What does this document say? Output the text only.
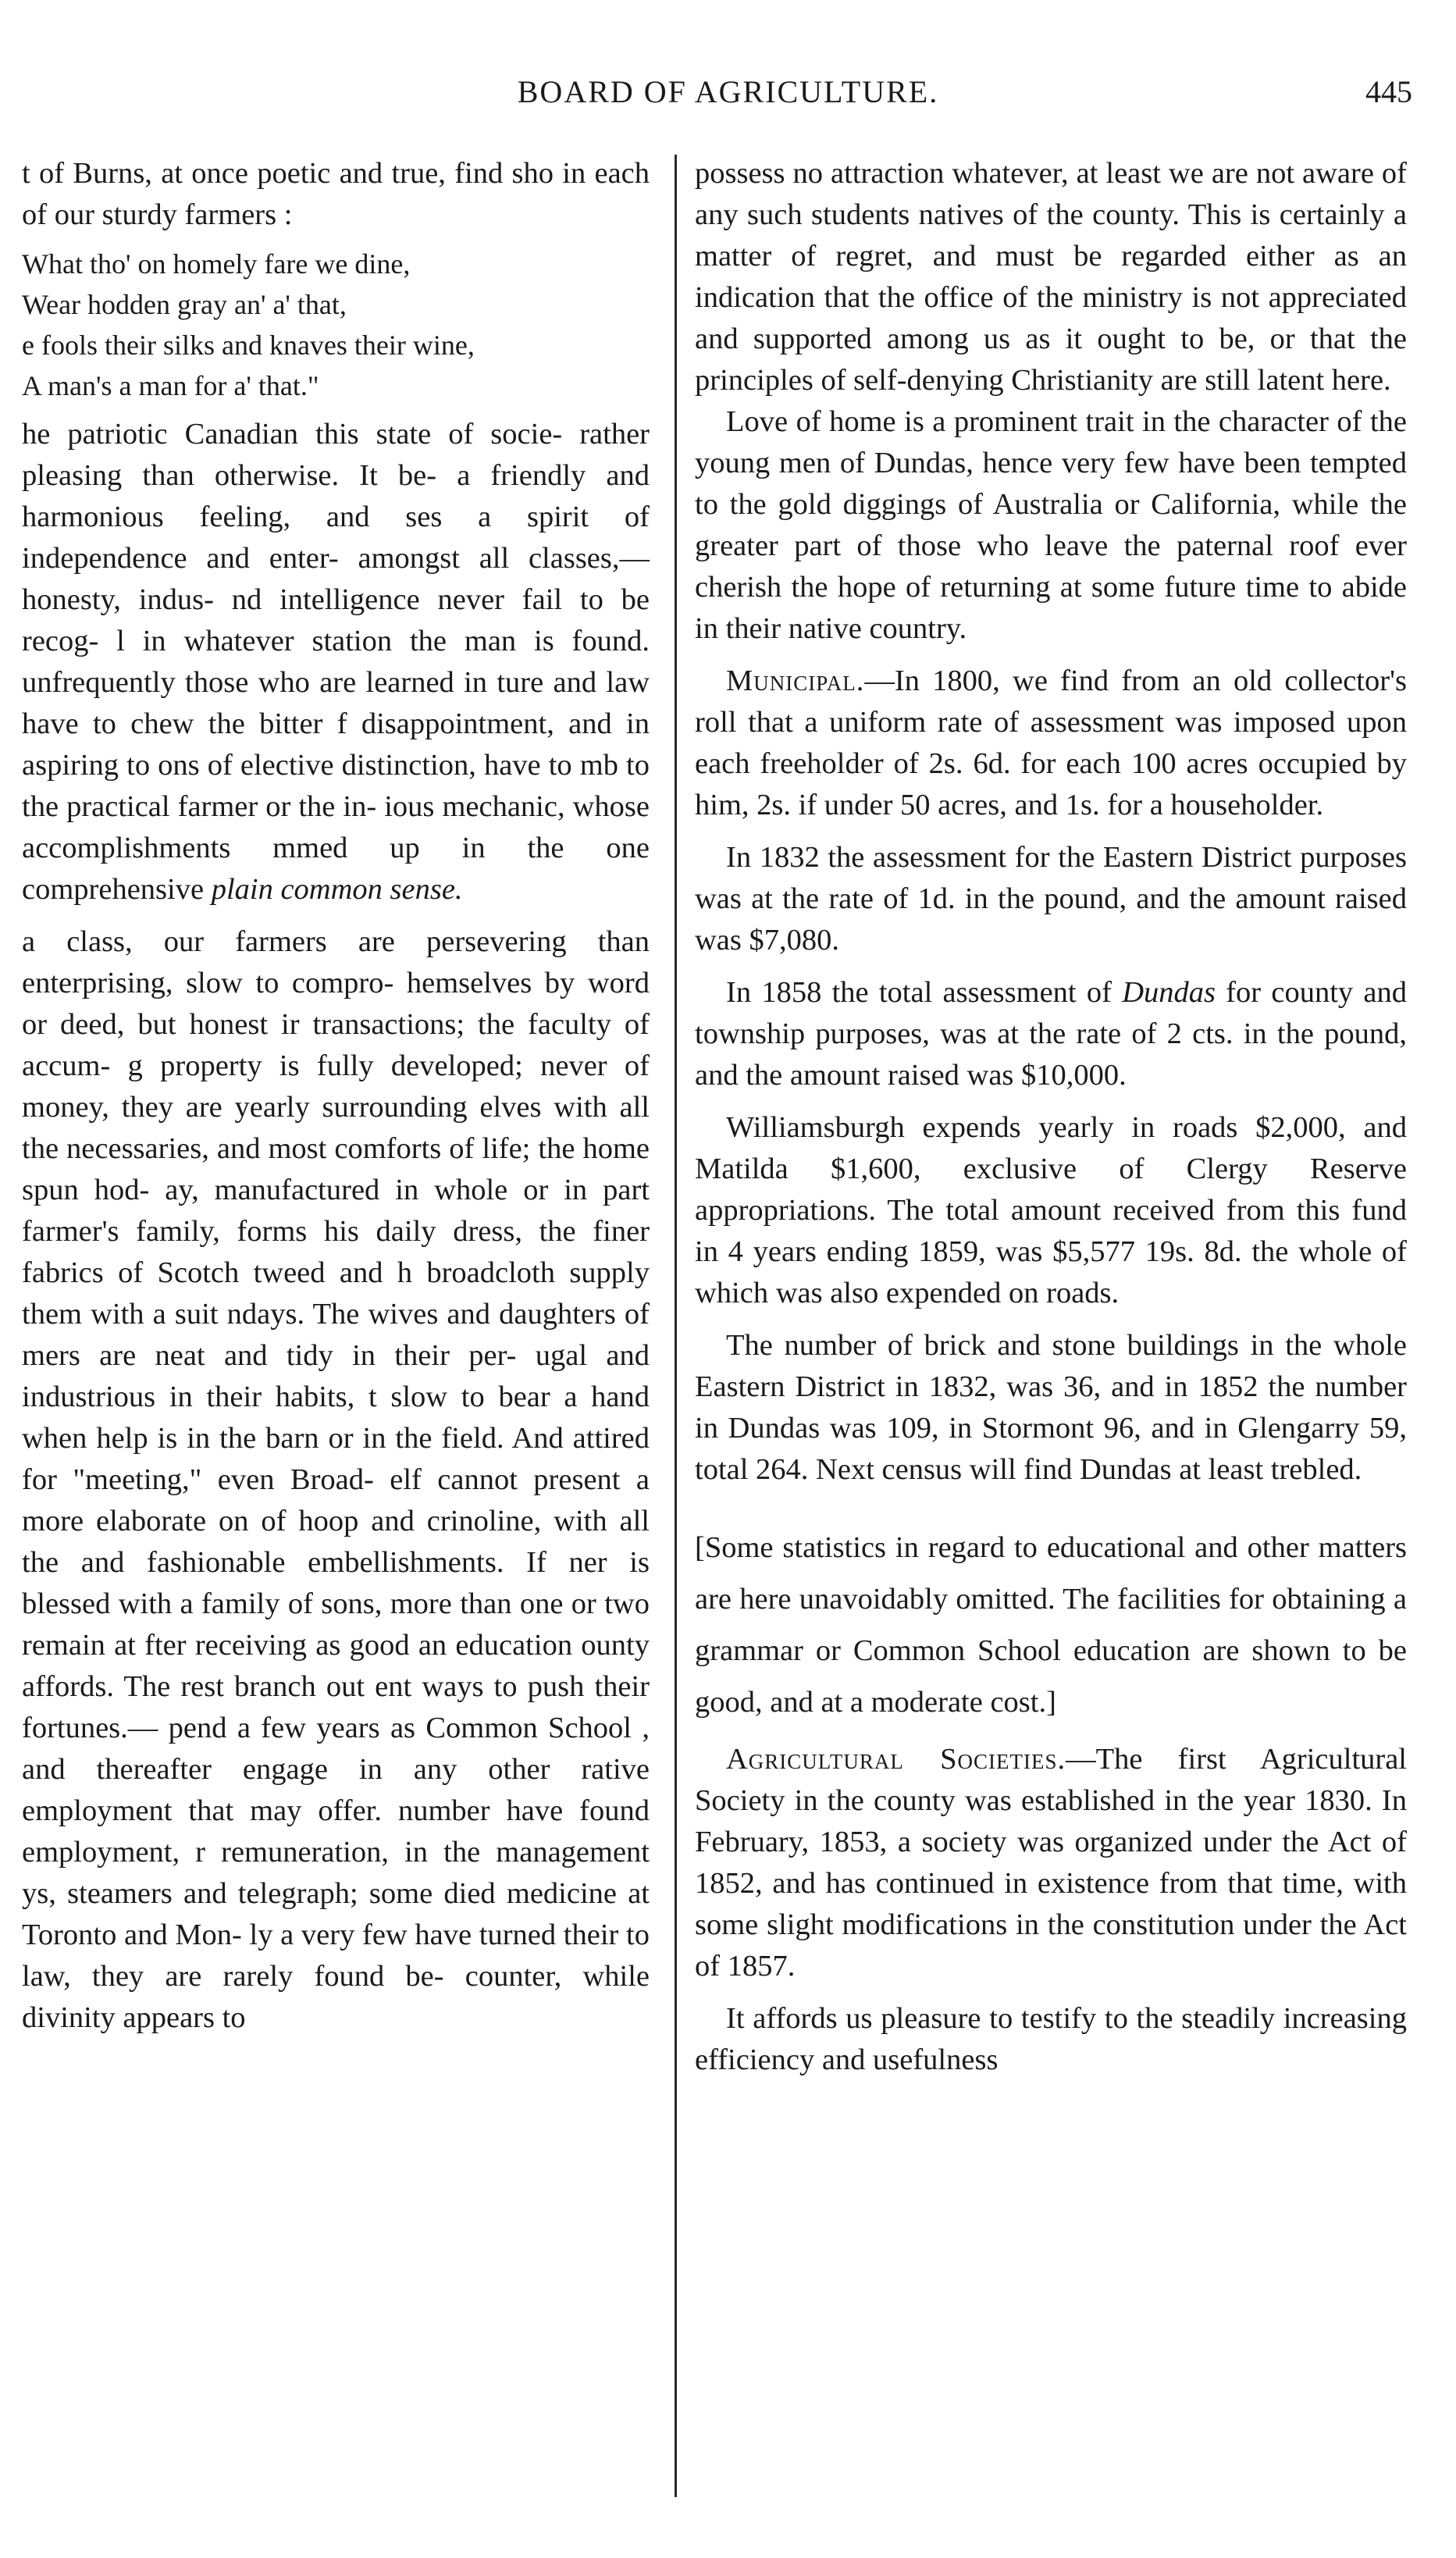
BOARD OF AGRICULTURE.	445

t of Burns, at once poetic and true, find sho in each of our sturdy farmers :

What tho' on homely fare we dine,
Wear hodden gray an' a' that,
e fools their silks and knaves their wine,
A man's a man for a' that."

he patriotic Canadian this state of socie- rather pleasing than otherwise. It be- a friendly and harmonious feeling, and ses a spirit of independence and enter- amongst all classes,—honesty, indus- nd intelligence never fail to be recog- l in whatever station the man is found. unfrequently those who are learned in ture and law have to chew the bitter f disappointment, and in aspiring to ons of elective distinction, have to mb to the practical farmer or the in- ious mechanic, whose accomplishments mmed up in the one comprehensive plain common sense.

a class, our farmers are persevering than enterprising, slow to compro- hemselves by word or deed, but honest ir transactions; the faculty of accum- g property is fully developed; never of money, they are yearly surrounding elves with all the necessaries, and most comforts of life; the home spun hod- ay, manufactured in whole or in part farmer's family, forms his daily dress, the finer fabrics of Scotch tweed and h broadcloth supply them with a suit ndays. The wives and daughters of mers are neat and tidy in their per- ugal and industrious in their habits, t slow to bear a hand when help is in the barn or in the field. And attired for "meeting," even Broad- elf cannot present a more elaborate on of hoop and crinoline, with all the and fashionable embellishments. If ner is blessed with a family of sons, more than one or two remain at fter receiving as good an education ounty affords. The rest branch out ent ways to push their fortunes.— pend a few years as Common School , and thereafter engage in any other rative employment that may offer. number have found employment, r remuneration, in the management ys, steamers and telegraph; some died medicine at Toronto and Mon- ly a very few have turned their to law, they are rarely found be- counter, while divinity appears to

possess no attraction whatever, at least we are not aware of any such students natives of the county. This is certainly a matter of regret, and must be regarded either as an indication that the office of the ministry is not appreciated and supported among us as it ought to be, or that the principles of self-denying Christianity are still latent here.

Love of home is a prominent trait in the character of the young men of Dundas, hence very few have been tempted to the gold diggings of Australia or California, while the greater part of those who leave the paternal roof ever cherish the hope of returning at some future time to abide in their native country.

Municipal.—In 1800, we find from an old collector's roll that a uniform rate of assessment was imposed upon each freeholder of 2s. 6d. for each 100 acres occupied by him, 2s. if under 50 acres, and 1s. for a householder.

In 1832 the assessment for the Eastern District purposes was at the rate of 1d. in the pound, and the amount raised was $7,080.

In 1858 the total assessment of Dundas for county and township purposes, was at the rate of 2 cts. in the pound, and the amount raised was $10,000.

Williamsburgh expends yearly in roads $2,000, and Matilda $1,600, exclusive of Clergy Reserve appropriations. The total amount received from this fund in 4 years ending 1859, was $5,577 19s. 8d. the whole of which was also expended on roads.

The number of brick and stone buildings in the whole Eastern District in 1832, was 36, and in 1852 the number in Dundas was 109, in Stormont 96, and in Glengarry 59, total 264. Next census will find Dundas at least trebled.

[Some statistics in regard to educational and other matters are here unavoidably omitted. The facilities for obtaining a grammar or Common School education are shown to be good, and at a moderate cost.]

Agricultural Societies.—The first Agricultural Society in the county was established in the year 1830. In February, 1853, a society was organized under the Act of 1852, and has continued in existence from that time, with some slight modifications in the constitution under the Act of 1857.

It affords us pleasure to testify to the steadily increasing efficiency and usefulness
